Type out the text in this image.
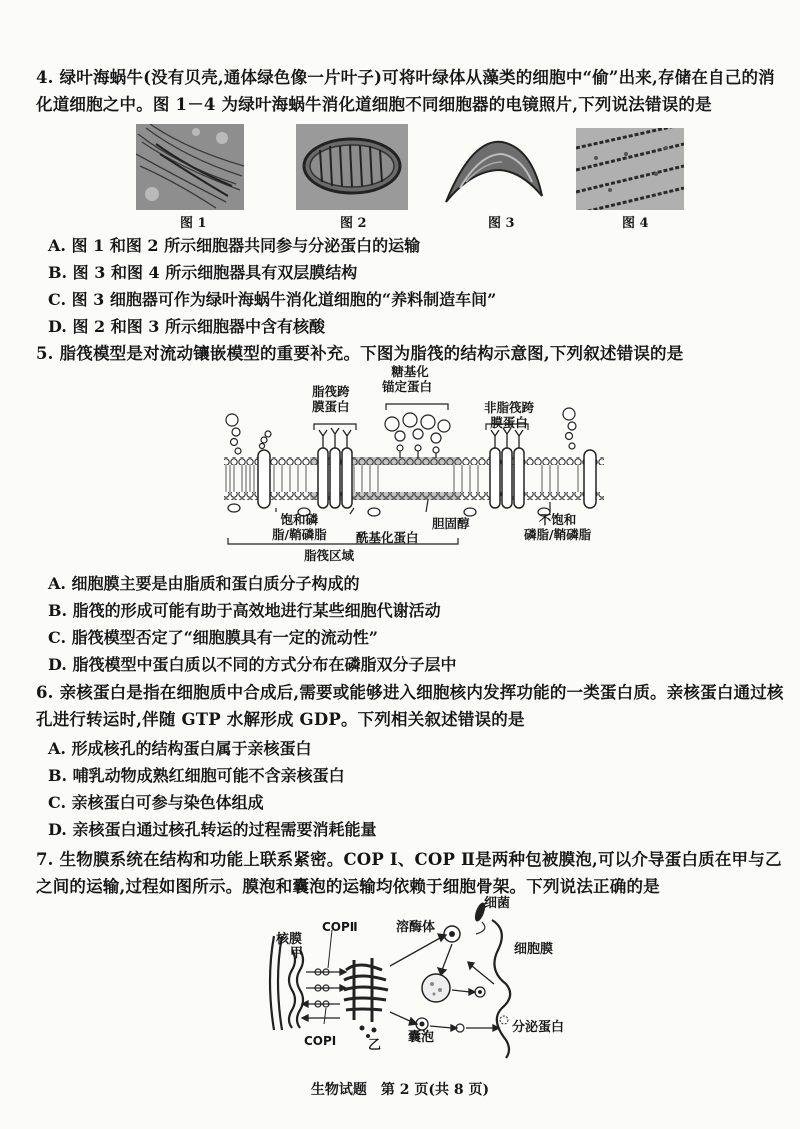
4. 绿叶海蜗牛(没有贝壳,通体绿色像一片叶子)可将叶绿体从藻类的细胞中“偷”出来,存储在自己的消化道细胞之中。图 1－4 为绿叶海蜗牛消化道细胞不同细胞器的电镜照片,下列说法错误的是

图 1	图 2	图 3	图 4
A. 图 1 和图 2 所示细胞器共同参与分泌蛋白的运输
B. 图 3 和图 4 所示细胞器具有双层膜结构
C. 图 3 细胞器可作为绿叶海蜗牛消化道细胞的“养料制造车间”
D. 图 2 和图 3 所示细胞器中含有核酸

5. 脂筏模型是对流动镶嵌模型的重要补充。下图为脂筏的结构示意图,下列叙述错误的是

脂筏跨
膜蛋白
糖基化
锚定蛋白
非脂筏跨
膜蛋白
饱和磷
脂/鞘磷脂 酰基化蛋白
胆固醇	不饱和
磷脂/鞘磷脂
脂筏区域
A. 细胞膜主要是由脂质和蛋白质分子构成的
B. 脂筏的形成可能有助于高效地进行某些细胞代谢活动
C. 脂筏模型否定了“细胞膜具有一定的流动性”
D. 脂筏模型中蛋白质以不同的方式分布在磷脂双分子层中

6. 亲核蛋白是指在细胞质中合成后,需要或能够进入细胞核内发挥功能的一类蛋白质。亲核蛋白通过核孔进行转运时,伴随 GTP 水解形成 GDP。下列相关叙述错误的是

A. 形成核孔的结构蛋白属于亲核蛋白
B. 哺乳动物成熟红细胞可能不含亲核蛋白
C. 亲核蛋白可参与染色体组成
D. 亲核蛋白通过核孔转运的过程需要消耗能量

7. 生物膜系统在结构和功能上联系紧密。COP Ⅰ、COP Ⅱ是两种包被膜泡,可以介导蛋白质在甲与乙之间的运输,过程如图所示。膜泡和囊泡的运输均依赖于细胞骨架。下列说法正确的是

核膜
甲
COPⅡ
COPⅠ 乙
溶酶体
细菌
细胞膜
囊泡
分泌蛋白
生物试题　第 2 页(共 8 页)
